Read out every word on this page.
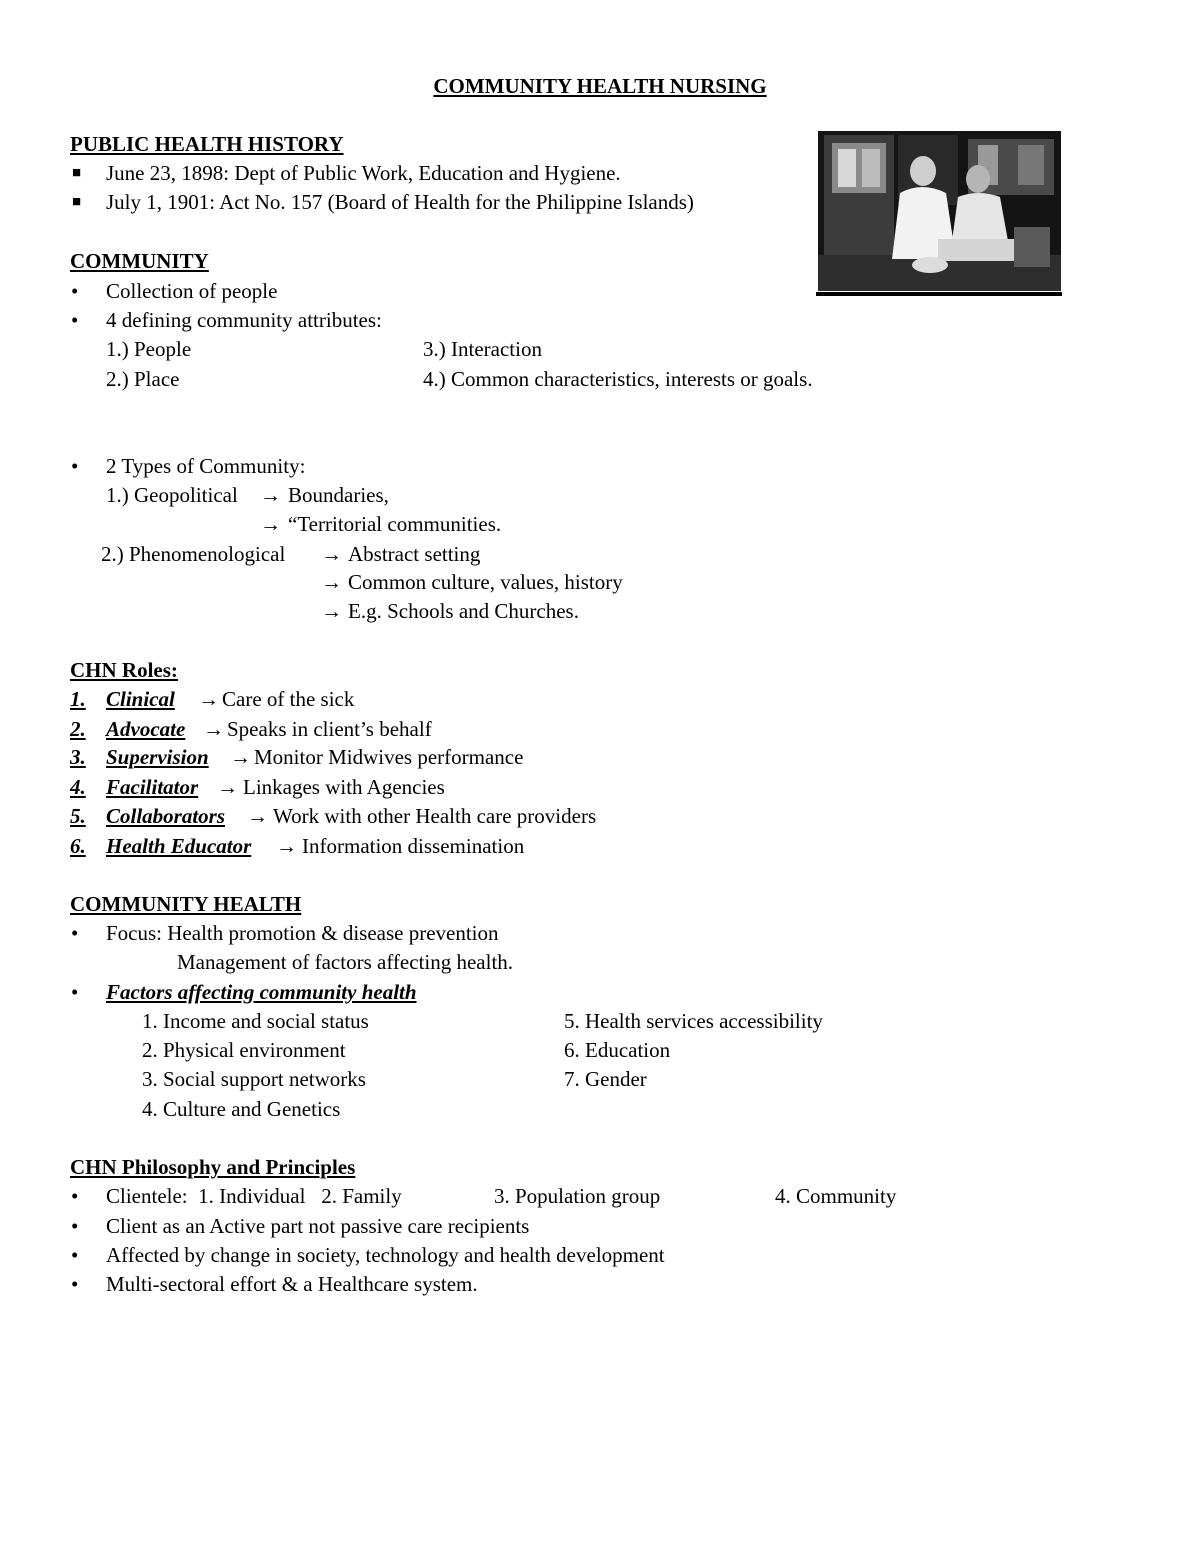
COMMUNITY HEALTH NURSING
PUBLIC HEALTH HISTORY
■ June 23, 1898: Dept of Public Work, Education and Hygiene.
■ July 1, 1901: Act No. 157 (Board of Health for the Philippine Islands)
COMMUNITY
• Collection of people
• 4 defining community attributes:
1.) People	3.) Interaction
2.) Place	4.) Common characteristics, interests or goals.
• 2 Types of Community:
1.) Geopolitical → Boundaries,
→ “Territorial communities.
2.) Phenomenological → Abstract setting
→ Common culture, values, history
→ E.g. Schools and Churches.
CHN Roles:
1. Clinical → Care of the sick
2. Advocate → Speaks in client’s behalf
3. Supervision → Monitor Midwives performance
4. Facilitator → Linkages with Agencies
5. Collaborators → Work with other Health care providers
6. Health Educator → Information dissemination
COMMUNITY HEALTH
• Focus: Health promotion & disease prevention
Management of factors affecting health.
• Factors affecting community health
1. Income and social status	5. Health services accessibility
2. Physical environment	6. Education
3. Social support networks	7. Gender
4. Culture and Genetics
CHN Philosophy and Principles
• Clientele:  1. Individual   2. Family	3. Population group	4. Community
• Client as an Active part not passive care recipients
• Affected by change in society, technology and health development
• Multi-sectoral effort & a Healthcare system.
